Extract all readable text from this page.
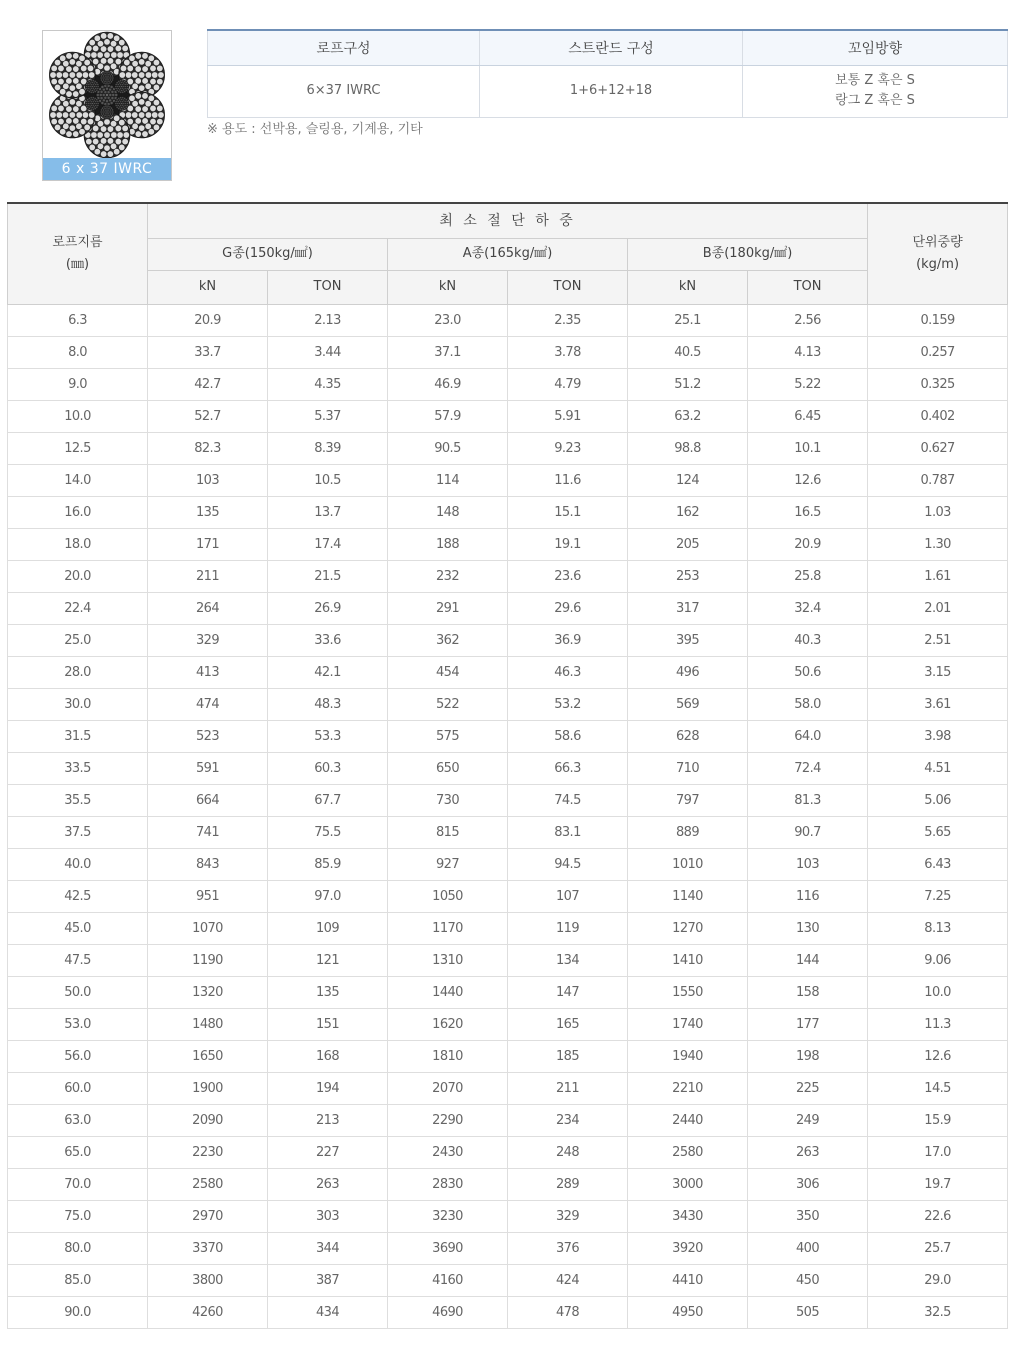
6 x 37 IWRC
로프구성	스트란드 구성	꼬임방향
6×37 IWRC	1+6+12+18	보통 Z 혹은 S
랑그 Z 혹은 S
※ 용도 : 선박용, 슬링용, 기계용, 기타
로프지름
(㎜)	최 소 절 단 하 중						단위중량
(kg/m)
	G종(150kg/㎟)		A종(165kg/㎟)		B종(180kg/㎟)		
	kN	TON	kN	TON	kN	TON	
6.3	20.9	2.13	23.0	2.35	25.1	2.56	0.159
8.0	33.7	3.44	37.1	3.78	40.5	4.13	0.257
9.0	42.7	4.35	46.9	4.79	51.2	5.22	0.325
10.0	52.7	5.37	57.9	5.91	63.2	6.45	0.402
12.5	82.3	8.39	90.5	9.23	98.8	10.1	0.627
14.0	103	10.5	114	11.6	124	12.6	0.787
16.0	135	13.7	148	15.1	162	16.5	1.03
18.0	171	17.4	188	19.1	205	20.9	1.30
20.0	211	21.5	232	23.6	253	25.8	1.61
22.4	264	26.9	291	29.6	317	32.4	2.01
25.0	329	33.6	362	36.9	395	40.3	2.51
28.0	413	42.1	454	46.3	496	50.6	3.15
30.0	474	48.3	522	53.2	569	58.0	3.61
31.5	523	53.3	575	58.6	628	64.0	3.98
33.5	591	60.3	650	66.3	710	72.4	4.51
35.5	664	67.7	730	74.5	797	81.3	5.06
37.5	741	75.5	815	83.1	889	90.7	5.65
40.0	843	85.9	927	94.5	1010	103	6.43
42.5	951	97.0	1050	107	1140	116	7.25
45.0	1070	109	1170	119	1270	130	8.13
47.5	1190	121	1310	134	1410	144	9.06
50.0	1320	135	1440	147	1550	158	10.0
53.0	1480	151	1620	165	1740	177	11.3
56.0	1650	168	1810	185	1940	198	12.6
60.0	1900	194	2070	211	2210	225	14.5
63.0	2090	213	2290	234	2440	249	15.9
65.0	2230	227	2430	248	2580	263	17.0
70.0	2580	263	2830	289	3000	306	19.7
75.0	2970	303	3230	329	3430	350	22.6
80.0	3370	344	3690	376	3920	400	25.7
85.0	3800	387	4160	424	4410	450	29.0
90.0	4260	434	4690	478	4950	505	32.5
